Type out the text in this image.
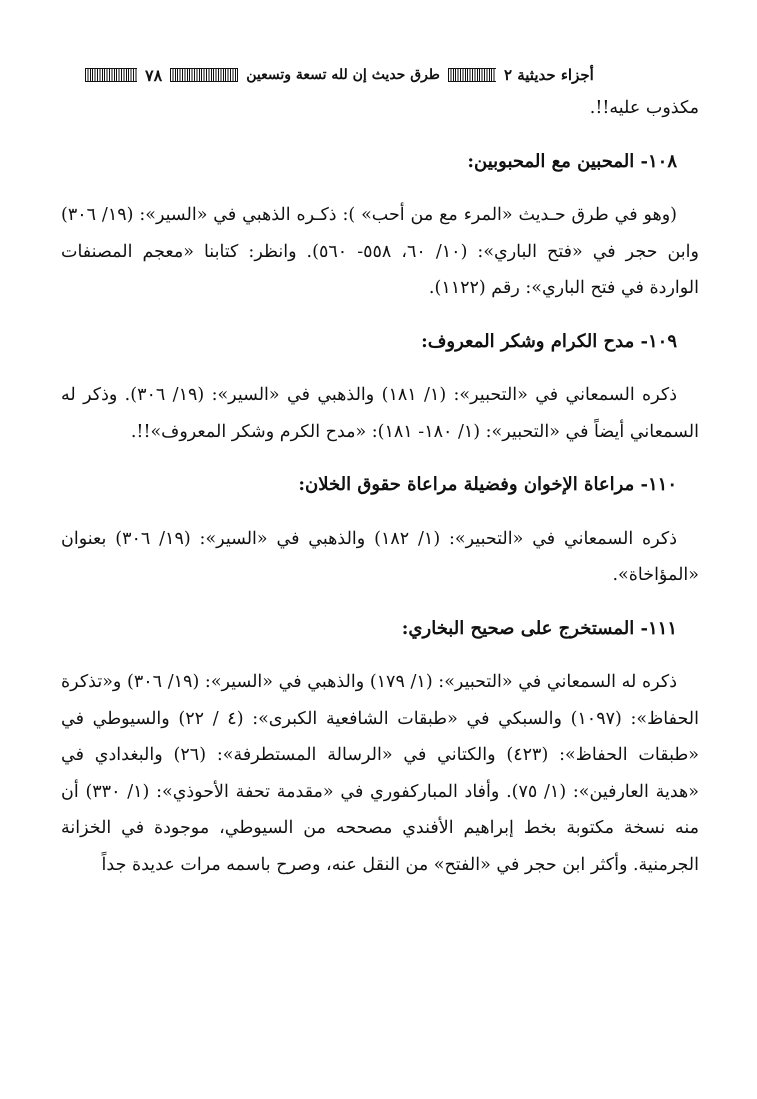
٧٨	طرق حديث إن لله تسعة وتسعين	أجزاء حديثية ٢

مكذوب عليه!!.

١٠٨- المحبين مع المحبوبين:

(وهو في طرق حـديث «المرء مع من أحب» ): ذكـره الذهبي في «السير»: (١٩/ ٣٠٦) وابن حجر في «فتح الباري»: (١٠/ ٦٠، ٥٥٨- ٥٦٠). وانظر: كتابنا «معجم المصنفات الواردة في فتح الباري»: رقم (١١٢٢).

١٠٩- مدح الكرام وشكر المعروف:

ذكره السمعاني في «التحبير»: (١/ ١٨١) والذهبي في «السير»: (١٩/ ٣٠٦). وذكر له السمعاني أيضاً في «التحبير»: (١/ ١٨٠- ١٨١): «مدح الكرم وشكر المعروف»!!.

١١٠- مراعاة الإخوان وفضيلة مراعاة حقوق الخلان:

ذكره السمعاني في «التحبير»: (١/ ١٨٢) والذهبي في «السير»: (١٩/ ٣٠٦) بعنوان «المؤاخاة».

١١١- المستخرج على صحيح البخاري:

ذكره له السمعاني في «التحبير»: (١/ ١٧٩) والذهبي في «السير»: (١٩/ ٣٠٦) و«تذكرة الحفاظ»: (١٠٩٧) والسبكي في «طبقات الشافعية الكبرى»: (٤ / ٢٢) والسيوطي في «طبقات الحفاظ»: (٤٢٣) والكتاني في «الرسالة المستطرفة»: (٢٦) والبغدادي في «هدية العارفين»: (١/ ٧٥). وأفاد المباركفوري في «مقدمة تحفة الأحوذي»: (١/ ٣٣٠) أن منه نسخة مكتوبة بخط إبراهيم الأفندي مصححه من السيوطي، موجودة في الخزانة الجرمنية. وأكثر ابن حجر في «الفتح» من النقل عنه، وصرح باسمه مرات عديدة جداً
